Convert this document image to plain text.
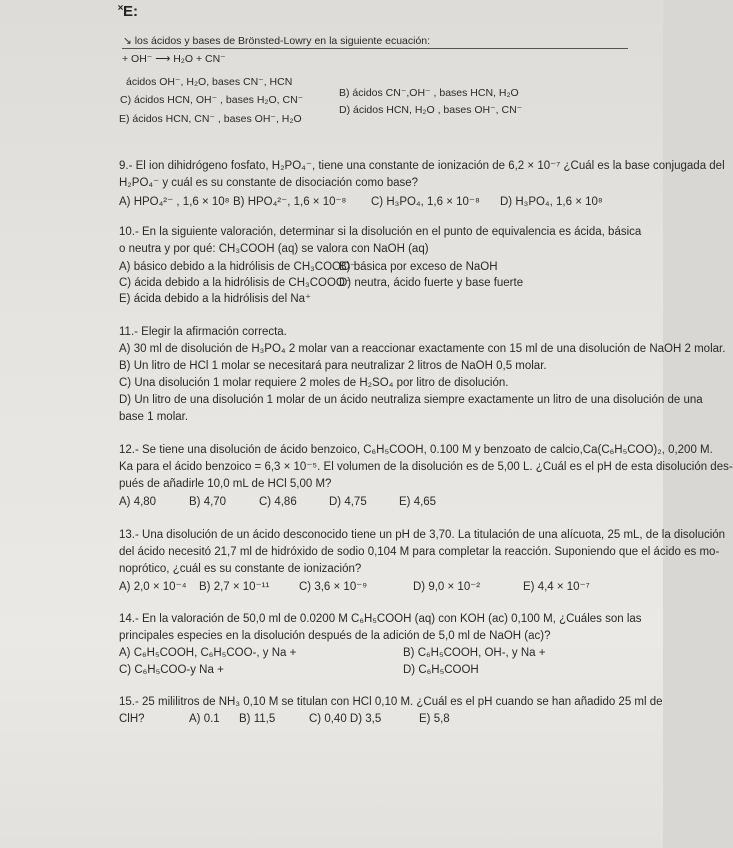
˟E:
↘ los ácidos y bases de Brönsted-Lowry en la siguiente ecuación:
+ OH⁻ ⟶ H₂O + CN⁻
ácidos OH⁻, H₂O, bases CN⁻, HCN
B) ácidos CN⁻,OH⁻ , bases HCN, H₂O
C) ácidos HCN, OH⁻ , bases H₂O, CN⁻
D) ácidos HCN, H₂O , bases OH⁻, CN⁻
E) ácidos HCN, CN⁻ , bases OH⁻, H₂O
9.- El ion dihidrógeno fosfato, H₂PO₄⁻, tiene una constante de ionización de 6,2 × 10⁻⁷ ¿Cuál es la base conjugada del
H₂PO₄⁻ y cuál es su constante de disociación como base?
A) HPO₄²⁻ , 1,6 × 10⁸ B) HPO₄²⁻, 1,6 × 10⁻⁸ C) H₃PO₄, 1,6 × 10⁻⁸ D) H₃PO₄, 1,6 × 10⁸
10.- En la siguiente valoración, determinar si la disolución en el punto de equivalencia es ácida, básica
o neutra y por qué: CH₃COOH (aq) se valora con NaOH (aq)
A) básico debido a la hidrólisis de CH₃COOO⁻
B) básica por exceso de NaOH
C) ácida debido a la hidrólisis de CH₃COOO⁻
D) neutra, ácido fuerte y base fuerte
E) ácida debido a la hidrólisis del Na⁺
11.- Elegir la afirmación correcta.
A) 30 ml de disolución de H₃PO₄ 2 molar van a reaccionar exactamente con 15 ml de una disolución de NaOH 2 molar.
B) Un litro de HCl 1 molar se necesitará para neutralizar 2 litros de NaOH 0,5 molar.
C) Una disolución 1 molar requiere 2 moles de H₂SO₄ por litro de disolución.
D) Un litro de una disolución 1 molar de un ácido neutraliza siempre exactamente un litro de una disolución de una
base 1 molar.
12.- Se tiene una disolución de ácido benzoico, C₆H₅COOH, 0.100 M y benzoato de calcio,Ca(C₆H₅COO)₂, 0,200 M.
Ka para el ácido benzoico = 6,3 × 10⁻⁵. El volumen de la disolución es de 5,00 L. ¿Cuál es el pH de esta disolución des-
pués de añadirle 10,0 mL de HCl 5,00 M?
A) 4,80	B) 4,70	C) 4,86	D) 4,75	E) 4,65
13.- Una disolución de un ácido desconocido tiene un pH de 3,70. La titulación de una alícuota, 25 mL, de la disolución
del ácido necesitó 21,7 ml de hidróxido de sodio 0,104 M para completar la reacción. Suponiendo que el ácido es mo-
noprótico, ¿cuál es su constante de ionización?
A) 2,0 × 10⁻⁴ B) 2,7 × 10⁻¹¹	C) 3,6 × 10⁻⁹	D) 9,0 × 10⁻²	E) 4,4 × 10⁻⁷
14.- En la valoración de 50,0 ml de 0.0200 M C₆H₅COOH (aq) con KOH (ac) 0,100 M, ¿Cuáles son las
principales especies en la disolución después de la adición de 5,0 ml de NaOH (ac)?
A) C₆H₅COOH, C₆H₅COO-, y Na +	B) C₆H₅COOH, OH-, y Na +
C) C₆H₅COO-y Na +	D) C₆H₅COOH
15.- 25 mililitros de NH₃ 0,10 M se titulan con HCl 0,10 M. ¿Cuál es el pH cuando se han añadido 25 ml de
ClH?	A) 0.1 B) 11,5	C) 0,40 D) 3,5	E) 5,8
